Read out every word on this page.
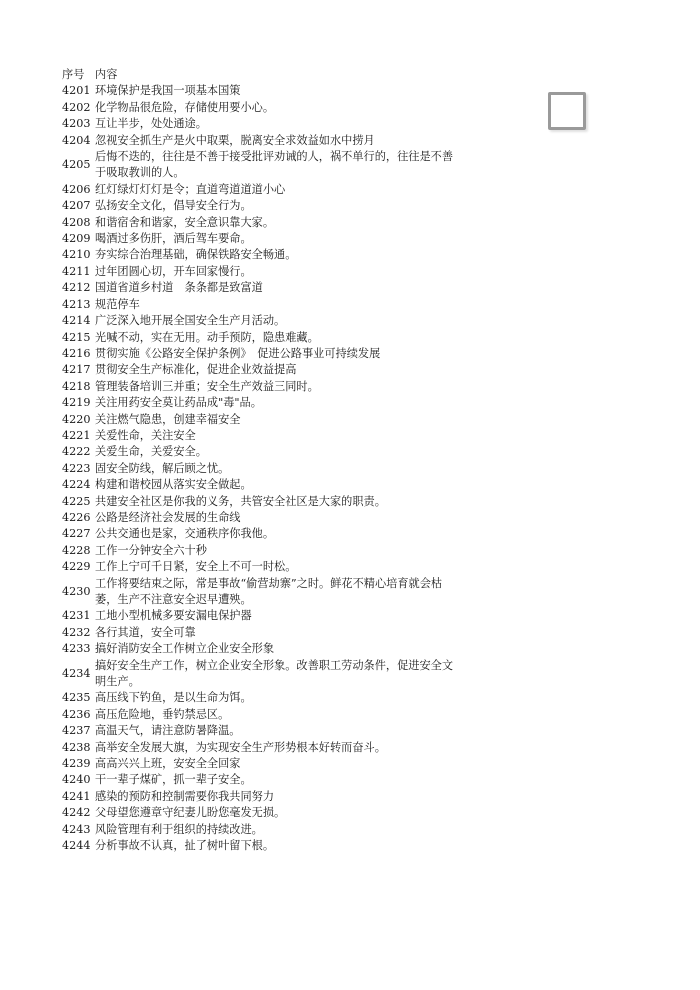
序号	内容
4201	环境保护是我国一项基本国策
4202	化学物品很危险，存储使用要小心。
4203	互让半步，处处通途。
4204	忽视安全抓生产是火中取栗，脱离安全求效益如水中捞月
4205	后悔不迭的，往往是不善于接受批评劝诫的人，祸不单行的，往往是不善于吸取教训的人。
4206	红灯绿灯灯灯是令；直道弯道道道小心
4207	弘扬安全文化，倡导安全行为。
4208	和谐宿舍和谐家，安全意识靠大家。
4209	喝酒过多伤肝，酒后驾车要命。
4210	夯实综合治理基础，确保铁路安全畅通。
4211	过年团圆心切，开车回家慢行。
4212	国道省道乡村道　条条都是致富道
4213	规范停车
4214	广泛深入地开展全国安全生产月活动。
4215	光喊不动，实在无用。动手预防，隐患难藏。
4216	贯彻实施《公路安全保护条例》　促进公路事业可持续发展
4217	贯彻安全生产标准化，促进企业效益提高
4218	管理装备培训三并重；安全生产效益三同时。
4219	关注用药安全莫让药品成"毒"品。
4220	关注燃气隐患，创建幸福安全
4221	关爱性命，关注安全
4222	关爱生命，关爱安全。
4223	固安全防线，解后顾之忧。
4224	构建和谐校园从落实安全做起。
4225	共建安全社区是你我的义务，共管安全社区是大家的职责。
4226	公路是经济社会发展的生命线
4227	公共交通也是家，交通秩序你我他。
4228	工作一分钟安全六十秒
4229	工作上宁可千日紧，安全上不可一时松。
4230	工作将要结束之际，常是事故“偷营劫寨”之时。鲜花不精心培育就会枯萎，生产不注意安全迟早遭殃。
4231	工地小型机械多要安漏电保护器
4232	各行其道，安全可靠
4233	搞好消防安全工作树立企业安全形象
4234	搞好安全生产工作，树立企业安全形象。改善职工劳动条件，促进安全文明生产。
4235	高压线下钓鱼，是以生命为饵。
4236	高压危险地，垂钓禁忌区。
4237	高温天气，请注意防暑降温。
4238	高举安全发展大旗，为实现安全生产形势根本好转而奋斗。
4239	高高兴兴上班，安安全全回家
4240	干一辈子煤矿，抓一辈子安全。
4241	感染的预防和控制需要你我共同努力
4242	父母望您遵章守纪妻儿盼您毫发无损。
4243	风险管理有利于组织的持续改进。
4244	分析事故不认真，扯了树叶留下根。
